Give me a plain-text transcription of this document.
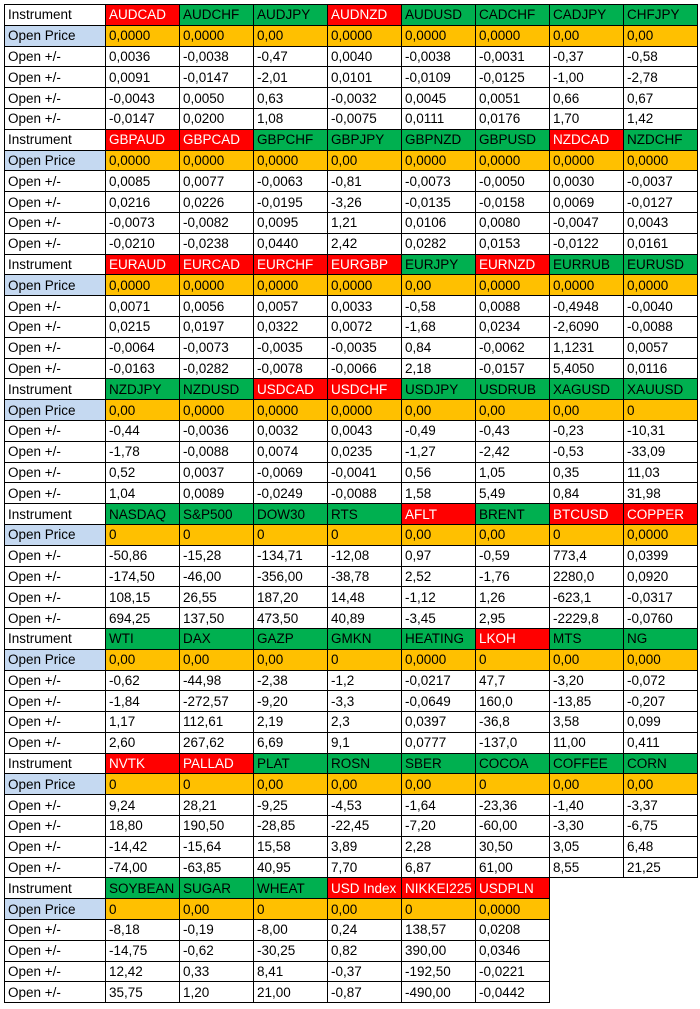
Instrument	AUDCAD	AUDCHF	AUDJPY	AUDNZD	AUDUSD	CADCHF	CADJPY	CHFJPY
Open Price	0,0000	0,0000	0,00	0,0000	0,0000	0,0000	0,00	0,00
Open +/-	0,0036	-0,0038	-0,47	0,0040	-0,0038	-0,0031	-0,37	-0,58
Open +/-	0,0091	-0,0147	-2,01	0,0101	-0,0109	-0,0125	-1,00	-2,78
Open +/-	-0,0043	0,0050	0,63	-0,0032	0,0045	0,0051	0,66	0,67
Open +/-	-0,0147	0,0200	1,08	-0,0075	0,0111	0,0176	1,70	1,42
Instrument	GBPAUD	GBPCAD	GBPCHF	GBPJPY	GBPNZD	GBPUSD	NZDCAD	NZDCHF
Open Price	0,0000	0,0000	0,0000	0,00	0,0000	0,0000	0,0000	0,0000
Open +/-	0,0085	0,0077	-0,0063	-0,81	-0,0073	-0,0050	0,0030	-0,0037
Open +/-	0,0216	0,0226	-0,0195	-3,26	-0,0135	-0,0158	0,0069	-0,0127
Open +/-	-0,0073	-0,0082	0,0095	1,21	0,0106	0,0080	-0,0047	0,0043
Open +/-	-0,0210	-0,0238	0,0440	2,42	0,0282	0,0153	-0,0122	0,0161
Instrument	EURAUD	EURCAD	EURCHF	EURGBP	EURJPY	EURNZD	EURRUB	EURUSD
Open Price	0,0000	0,0000	0,0000	0,0000	0,00	0,0000	0,0000	0,0000
Open +/-	0,0071	0,0056	0,0057	0,0033	-0,58	0,0088	-0,4948	-0,0040
Open +/-	0,0215	0,0197	0,0322	0,0072	-1,68	0,0234	-2,6090	-0,0088
Open +/-	-0,0064	-0,0073	-0,0035	-0,0035	0,84	-0,0062	1,1231	0,0057
Open +/-	-0,0163	-0,0282	-0,0078	-0,0066	2,18	-0,0157	5,4050	0,0116
Instrument	NZDJPY	NZDUSD	USDCAD	USDCHF	USDJPY	USDRUB	XAGUSD	XAUUSD
Open Price	0,00	0,0000	0,0000	0,0000	0,00	0,00	0,00	0
Open +/-	-0,44	-0,0036	0,0032	0,0043	-0,49	-0,43	-0,23	-10,31
Open +/-	-1,78	-0,0088	0,0074	0,0235	-1,27	-2,42	-0,53	-33,09
Open +/-	0,52	0,0037	-0,0069	-0,0041	0,56	1,05	0,35	11,03
Open +/-	1,04	0,0089	-0,0249	-0,0088	1,58	5,49	0,84	31,98
Instrument	NASDAQ	S&P500	DOW30	RTS	AFLT	BRENT	BTCUSD	COPPER
Open Price	0	0	0	0	0,00	0,00	0	0,0000
Open +/-	-50,86	-15,28	-134,71	-12,08	0,97	-0,59	773,4	0,0399
Open +/-	-174,50	-46,00	-356,00	-38,78	2,52	-1,76	2280,0	0,0920
Open +/-	108,15	26,55	187,20	14,48	-1,12	1,26	-623,1	-0,0317
Open +/-	694,25	137,50	473,50	40,89	-3,45	2,95	-2229,8	-0,0760
Instrument	WTI	DAX	GAZP	GMKN	HEATING	LKOH	MTS	NG
Open Price	0,00	0,00	0,00	0	0,0000	0	0,00	0,000
Open +/-	-0,62	-44,98	-2,38	-1,2	-0,0217	47,7	-3,20	-0,072
Open +/-	-1,84	-272,57	-9,20	-3,3	-0,0649	160,0	-13,85	-0,207
Open +/-	1,17	112,61	2,19	2,3	0,0397	-36,8	3,58	0,099
Open +/-	2,60	267,62	6,69	9,1	0,0777	-137,0	11,00	0,411
Instrument	NVTK	PALLAD	PLAT	ROSN	SBER	COCOA	COFFEE	CORN
Open Price	0	0	0,00	0,00	0,00	0	0,00	0,00
Open +/-	9,24	28,21	-9,25	-4,53	-1,64	-23,36	-1,40	-3,37
Open +/-	18,80	190,50	-28,85	-22,45	-7,20	-60,00	-3,30	-6,75
Open +/-	-14,42	-15,64	15,58	3,89	2,28	30,50	3,05	6,48
Open +/-	-74,00	-63,85	40,95	7,70	6,87	61,00	8,55	21,25
Instrument	SOYBEAN	SUGAR	WHEAT	USD Index	NIKKEI225	USDPLN		
Open Price	0	0,00	0	0,00	0	0,0000		
Open +/-	-8,18	-0,19	-8,00	0,24	138,57	0,0208		
Open +/-	-14,75	-0,62	-30,25	0,82	390,00	0,0346		
Open +/-	12,42	0,33	8,41	-0,37	-192,50	-0,0221		
Open +/-	35,75	1,20	21,00	-0,87	-490,00	-0,0442		
